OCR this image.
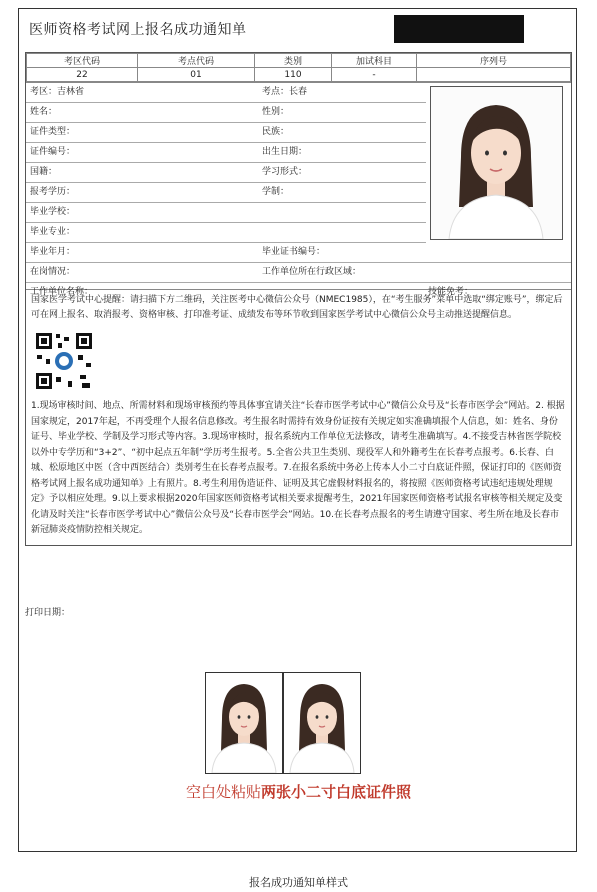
医师资格考试网上报名成功通知单
考区代码	考点代码	类别	加试科目	序列号
22	01	110	-	
考区：吉林省	考点：长春
姓名：	性别：
证件类型：	民族：
证件编号：	出生日期：
国籍：	学习形式：
报考学历：	学制：
毕业学校：
毕业专业：
毕业年月：	毕业证书编号：
在岗情况：	工作单位所在行政区域：
工作单位名称：	技能免考：
国家医学考试中心提醒：请扫描下方二维码，关注医考中心微信公众号（NMEC1985），在“考生服务”菜单中选取“绑定账号”，绑定后可在网上报名、取消报考、资格审核、打印准考证、成绩发布等环节收到国家医学考试中心微信公众号主动推送提醒信息。
1.现场审核时间、地点、所需材料和现场审核预约等具体事宜请关注“长春市医学考试中心”微信公众号及“长春市医学会”网站。2. 根据国家规定，2017年起，不再受理个人报名信息修改。考生报名时需持有效身份证按有关规定如实准确填报个人信息，如：姓名、身份证号、毕业学校、学制及学习形式等内容。3.现场审核时，报名系统内工作单位无法修改，请考生准确填写。4.不接受吉林省医学院校以外中专学历和“3+2”、“初中起点五年制”学历考生报考。5.全省公共卫生类别、现役军人和外籍考生在长春考点报考。6.长春、白城、松原地区中医（含中西医结合）类别考生在长春考点报考。7.在报名系统中务必上传本人小二寸白底证件照，保证打印的《医师资格考试网上报名成功通知单》上有照片。8.考生利用伪造证件、证明及其它虚假材料报名的，将按照《医师资格考试违纪违规处理规定》予以相应处理。9.以上要求根据2020年国家医师资格考试相关要求提醒考生，2021年国家医师资格考试报名审核等相关规定及变化请及时关注“长春市医学考试中心”微信公众号及“长春市医学会”网站。10.在长春考点报名的考生请遵守国家、考生所在地及长春市新冠肺炎疫情防控相关规定。
打印日期：
空白处粘贴两张小二寸白底证件照
报名成功通知单样式
